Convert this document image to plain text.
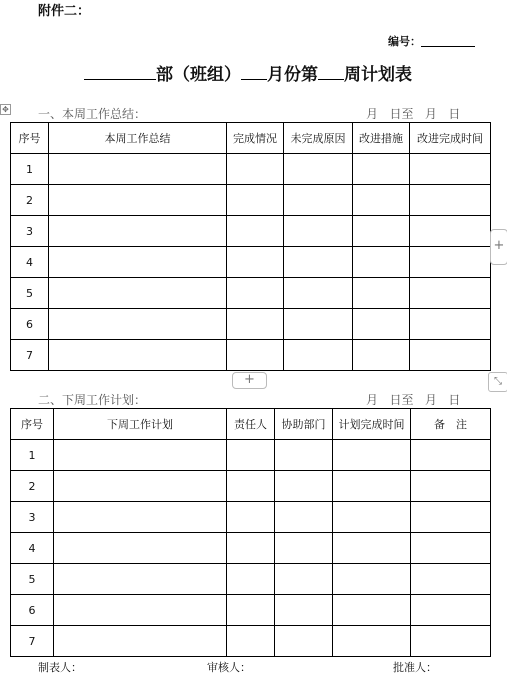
附件二：
编号：
部（班组） 月份第 周计划表
✥ 一、本周工作总结：	月   日至   月   日
序号	本周工作总结	完成情况	未完成原因	改进措施	改进完成时间
1					
2					
3					
4					
5					
6					
7					
+
+	⤡
二、下周工作计划：	月   日至   月   日
序号	下周工作计划	责任人	协助部门	计划完成时间	备　注
1					
2					
3					
4					
5					
6					
7					
制表人：	审核人：	批准人：
